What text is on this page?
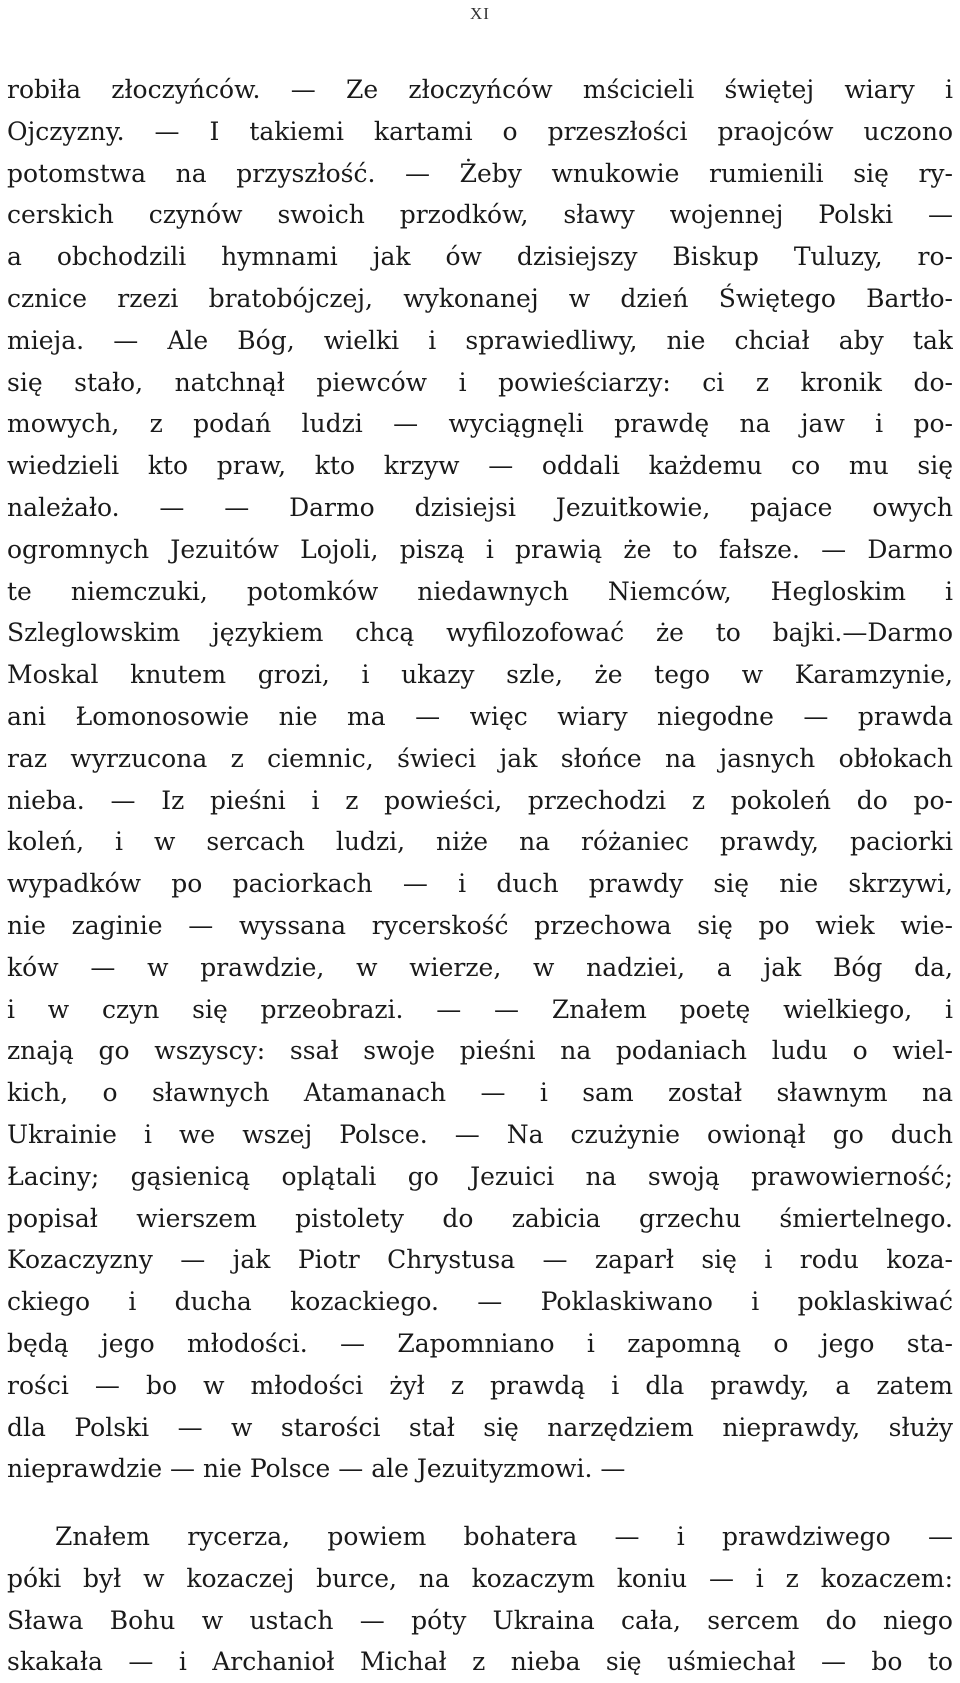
XI
robiła złoczyńców. — Ze złoczyńców mścicieli świętej wiary i
Ojczyzny. — I takiemi kartami o przeszłości praojców uczono
potomstwa na przyszłość. — Żeby wnukowie rumienili się ry-
cerskich czynów swoich przodków, sławy wojennej Polski —
a obchodzili hymnami jak ów dzisiejszy Biskup Tuluzy, ro-
cznice rzezi bratobójczej, wykonanej w dzień Świętego Bartło-
mieja. — Ale Bóg, wielki i sprawiedliwy, nie chciał aby tak
się stało, natchnął piewców i powieściarzy: ci z kronik do-
mowych, z podań ludzi — wyciągnęli prawdę na jaw i po-
wiedzieli kto praw, kto krzyw — oddali każdemu co mu się
należało. — — Darmo dzisiejsi Jezuitkowie, pajace owych
ogromnych Jezuitów Lojoli, piszą i prawią że to fałsze. — Darmo
te niemczuki, potomków niedawnych Niemców, Hegloskim i
Szleglowskim językiem chcą wyfilozofować że to bajki.—Darmo
Moskal knutem grozi, i ukazy szle, że tego w Karamzynie,
ani Łomonosowie nie ma — więc wiary niegodne — prawda
raz wyrzucona z ciemnic, świeci jak słońce na jasnych obłokach
nieba. — Iz pieśni i z powieści, przechodzi z pokoleń do po-
koleń, i w sercach ludzi, niże na różaniec prawdy, paciorki
wypadków po paciorkach — i duch prawdy się nie skrzywi,
nie zaginie — wyssana rycerskość przechowa się po wiek wie-
ków — w prawdzie, w wierze, w nadziei, a jak Bóg da,
i w czyn się przeobrazi. — — Znałem poetę wielkiego, i
znają go wszyscy: ssał swoje pieśni na podaniach ludu o wiel-
kich, o sławnych Atamanach — i sam został sławnym na
Ukrainie i we wszej Polsce. — Na czużynie owionął go duch
Łaciny; gąsienicą oplątali go Jezuici na swoją prawowierność;
popisał wierszem pistolety do zabicia grzechu śmiertelnego.
Kozaczyzny — jak Piotr Chrystusa — zaparł się i rodu koza-
ckiego i ducha kozackiego. — Poklaskiwano i poklaskiwać
będą jego młodości. — Zapomniano i zapomną o jego sta-
rości — bo w młodości żył z prawdą i dla prawdy, a zatem
dla Polski — w starości stał się narzędziem nieprawdy, służy
nieprawdzie — nie Polsce — ale Jezuityzmowi. —
Znałem rycerza, powiem bohatera — i prawdziwego —
póki był w kozaczej burce, na kozaczym koniu — i z kozaczem:
Sława Bohu w ustach — póty Ukraina cała, sercem do niego
skakała — i Archanioł Michał z nieba się uśmiechał — bo to
